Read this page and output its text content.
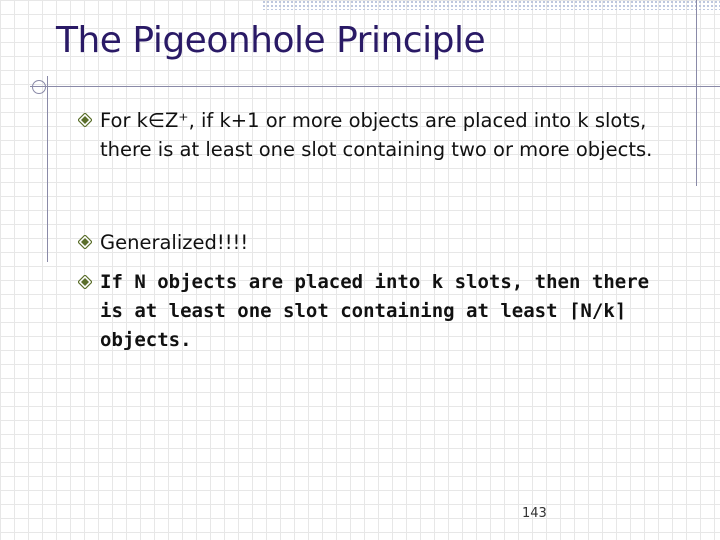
The Pigeonhole Principle
For k∈Z⁺, if k+1 or more objects are placed into k slots, there is at least one slot containing two or more objects.
Generalized!!!!
If N objects are placed into k slots, then there is at least one slot containing at least ⌈N/k⌉ objects.
143
